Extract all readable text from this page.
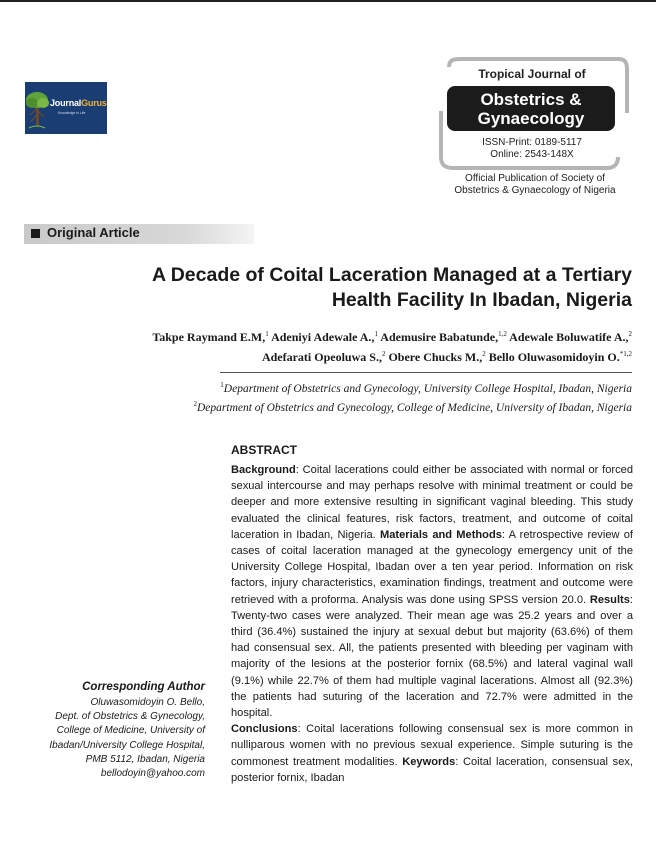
JournalGurus
Knowledge is Life
Tropical Journal of
Obstetrics &
Gynaecology
ISSN-Print: 0189-5117
Online: 2543-148X
Official Publication of Society of
Obstetrics & Gynaecology of Nigeria
Original Article
A Decade of Coital Laceration Managed at a Tertiary
Health Facility In Ibadan, Nigeria
Takpe Raymand E.M,$^1$ Adeniyi Adewale A.,$^1$ Ademusire Babatunde,$^{1,2}$ Adewale Boluwatife A.,$^2$
Adefarati Opeoluwa S.,$^2$ Obere Chucks M.,$^2$ Bello Oluwasomidoyin O.$^{*1,2}$
$^1$Department of Obstetrics and Gynecology, University College Hospital, Ibadan, Nigeria
$^2$Department of Obstetrics and Gynecology, College of Medicine, University of Ibadan, Nigeria
ABSTRACT
Background: Coital lacerations could either be associated with normal or forced sexual intercourse and may perhaps resolve with minimal treatment or could be deeper and more extensive resulting in significant vaginal bleeding. This study evaluated the clinical features, risk factors, treatment, and outcome of coital laceration in Ibadan, Nigeria. Materials and Methods: A retrospective review of cases of coital laceration managed at the gynecology emergency unit of the University College Hospital, Ibadan over a ten year period. Information on risk factors, injury characteristics, examination findings, treatment and outcome were retrieved with a proforma. Analysis was done using SPSS version 20.0. Results: Twenty-two cases were analyzed. Their mean age was 25.2 years and over a third (36.4%) sustained the injury at sexual debut but majority (63.6%) of them had consensual sex. All, the patients presented with bleeding per vaginam with majority of the lesions at the posterior fornix (68.5%) and lateral vaginal wall (9.1%) while 22.7% of them had multiple vaginal lacerations. Almost all (92.3%) the patients had suturing of the laceration and 72.7% were admitted in the hospital.
Conclusions: Coital lacerations following consensual sex is more common in nulliparous women with no previous sexual experience. Simple suturing is the commonest treatment modalities. Keywords: Coital laceration, consensual sex, posterior fornix, Ibadan
Corresponding Author
Oluwasomidoyin O. Bello,
Dept. of Obstetrics & Gynecology,
College of Medicine, University of
Ibadan/University College Hospital,
PMB 5112, Ibadan, Nigeria
bellodoyin@yahoo.com
